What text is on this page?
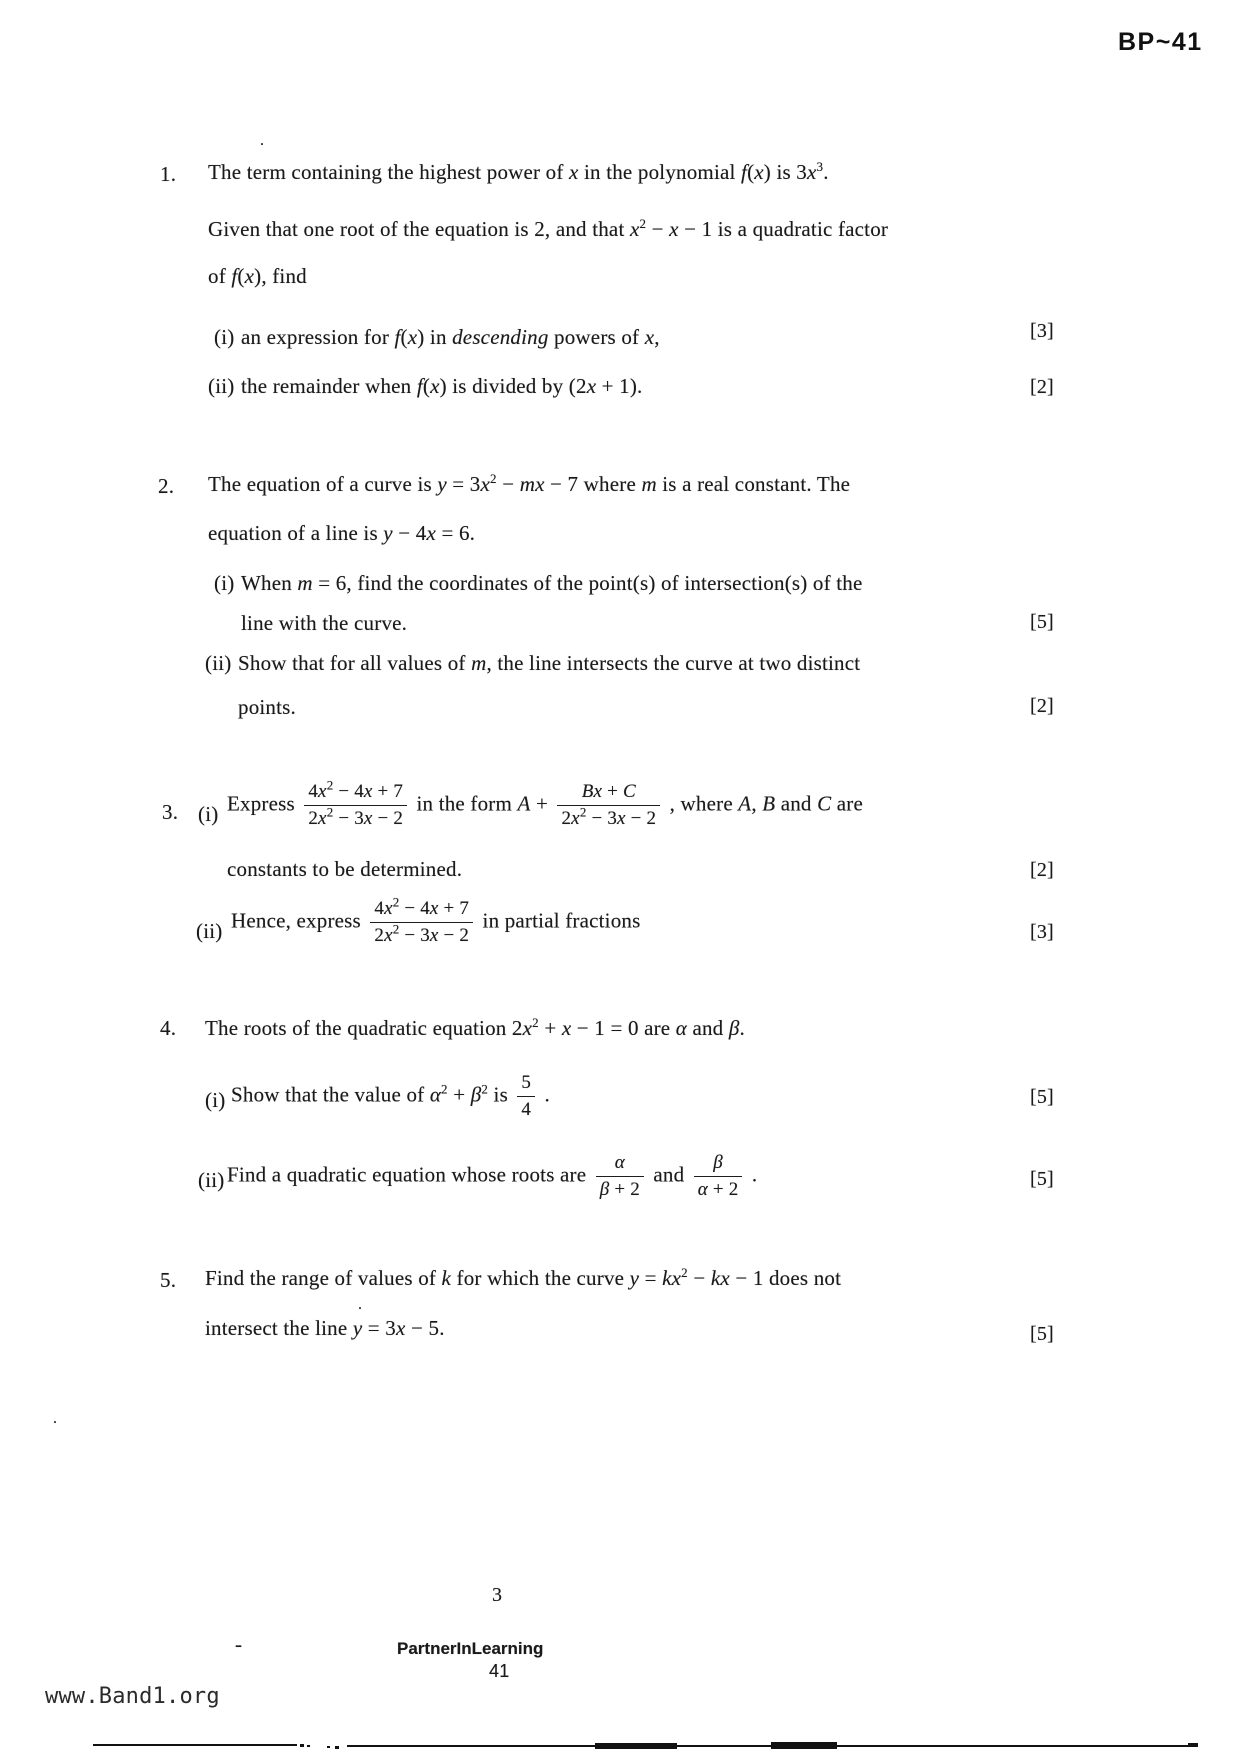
BP~41
.
1. The term containing the highest power of x in the polynomial f(x) is $3x^3$.
Given that one root of the equation is 2, and that $x^2 - x - 1$ is a quadratic factor
of f(x), find
(i) an expression for f(x) in descending powers of x,	[3]
(ii) the remainder when f(x) is divided by (2x + 1).	[2]
2. The equation of a curve is $y = 3x^2$ − mx − 7 where m is a real constant. The
equation of a line is y − 4x = 6.
(i) When m = 6, find the coordinates of the point(s) of intersection(s) of the
line with the curve.	[5]
(ii) Show that for all values of m, the line intersects the curve at two distinct
points.	[2]
3. (i) Express $\frac{4x^2 - 4x + 7}{2x^2 - 3x - 2}$ in the form $A + \frac{Bx + C}{2x^2 - 3x - 2}$ , where A, B and C are
constants to be determined.	[2]
(ii) Hence, express $\frac{4x^2 - 4x + 7}{2x^2 - 3x - 2}$ in partial fractions	[3]
4. The roots of the quadratic equation $2x^2 + x - 1 = 0$ are α and β.
(i) Show that the value of $\alpha^2 + \beta^2$ is $\frac{5}{4}$ .	[5]
(ii) Find a quadratic equation whose roots are $\frac{\alpha}{\beta + 2}$ and $\frac{\beta}{\alpha + 2}$ .	[5]
5. Find the range of values of k for which the curve $y = kx^2$ − kx − 1 does not
intersect the line y = 3x − 5.	[5]
.
.
3
-	PartnerInLearning
41
www.Band1.org
